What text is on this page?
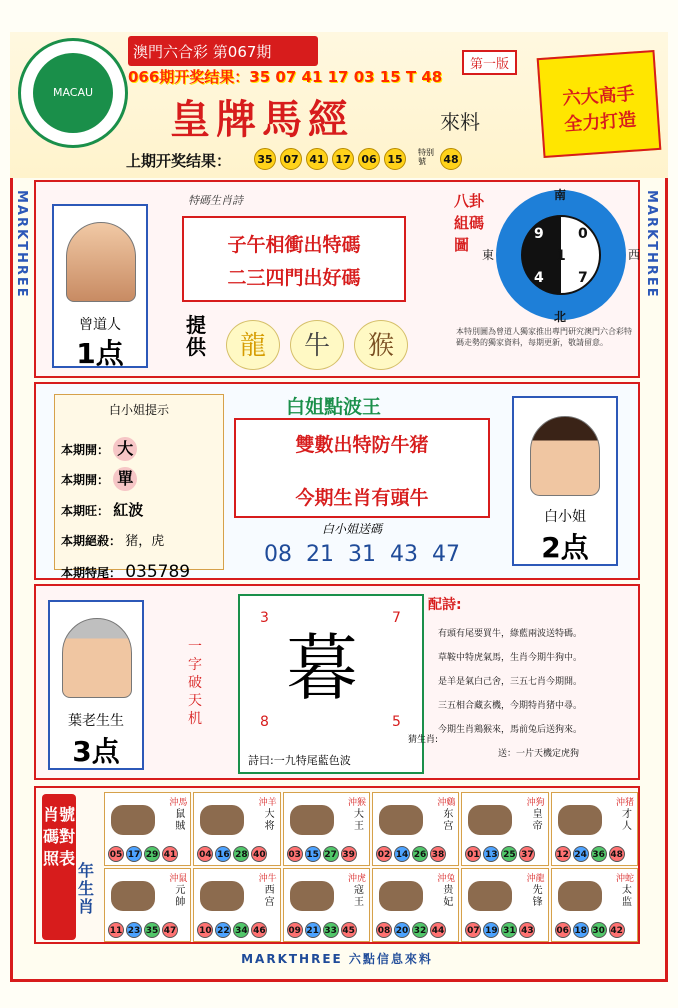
MACAU
澳門六合彩 第067期
066期开奖结果：35 07 41 17 03 15 T 48
皇牌馬經	來料
第一版
六大高手
全力打造
上期开奖结果：	35 07 41 17 06 15
特别號	48
MARKTHREE	MARKTHREE
曾道人
1点
特碼生肖詩
子午相衝出特碼
二三四門出好碼
提供	龍	牛	猴
八卦組碼圖
南
北
東	西
9 0
1
4 7
本特別圖為曾道人獨家推出專門研究澳門六合彩特碼走勢的獨家資料，每期更新，敬請留意。
白小姐提示
本期開： 大
本期開： 單
本期旺： 紅波
本期絕殺： 猪，虎
本期特尾： 035789
白姐點波王
雙數出特防牛猪
今期生肖有頭牛
白小姐送碼
08 21 31 43 47
白小姐
2点
葉老生生
3点
一字破天机
3	7
8	5
暮
詩曰:一九特尾藍色波
配詩:
猜生肖:
有頭有尾要買牛，綠藍兩波送特碼。
草鞍中特虎氣馬，生肖今期牛狗中。
是羊是氣白己舍，三五七肖今期開。
三五相合藏玄機，今期特肖猪中尋。
今期生肖鶏猴來，馬前兔后送狗來。
送：一片天機定虎狗
肖號碼對照表
年生肖
沖馬
鼠賊
05 17 29 41
沖羊
大将
04 16 28 40
沖猴
大王
03 15 27 39
沖鷄
东宫
02 14 26 38
沖狗
皇帝
01 13 25 37
沖猪
才人
12 24 36 48
沖鼠
元帥
11 23 35 47
沖牛
西宫
10 22 34 46
沖虎
寇王
09 21 33 45
沖兔
贵妃
08 20 32 44
沖龍
先锋
07 19 31 43
沖蛇
太监
06 18 30 42
MARKTHREE 六點信息來料
